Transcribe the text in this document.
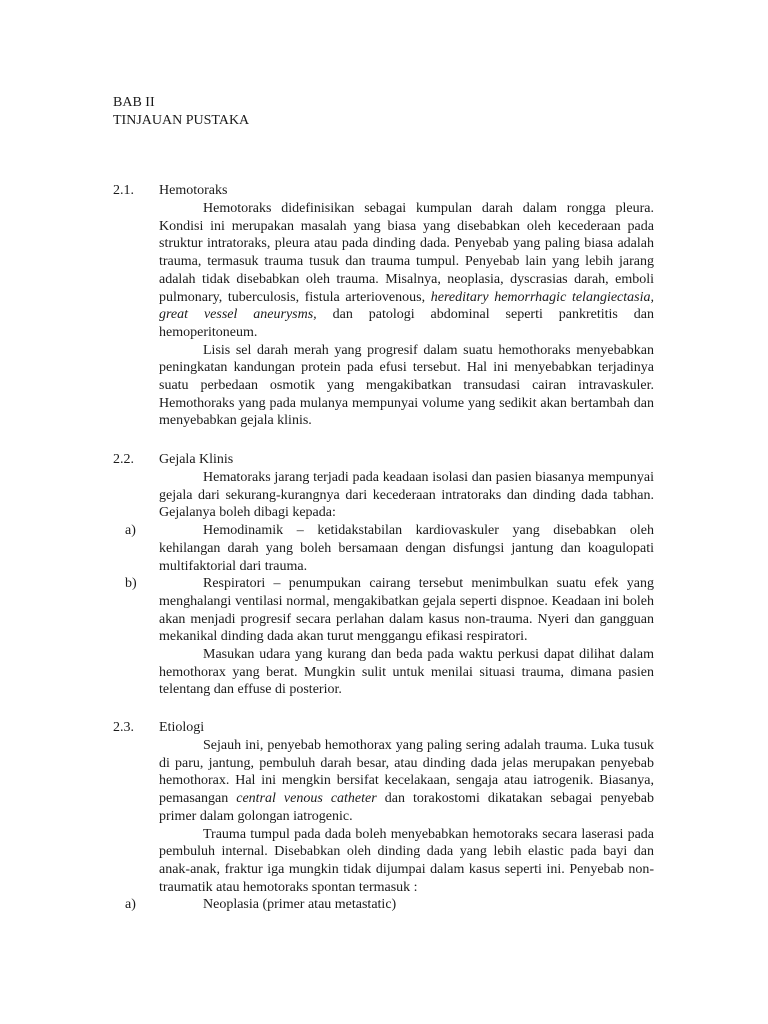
BAB II
TINJAUAN PUSTAKA
2.1. Hemotoraks

Hemotoraks didefinisikan sebagai kumpulan darah dalam rongga pleura. Kondisi ini merupakan masalah yang biasa yang disebabkan oleh kecederaan pada struktur intratoraks, pleura atau pada dinding dada. Penyebab yang paling biasa adalah trauma, termasuk trauma tusuk dan trauma tumpul. Penyebab lain yang lebih jarang adalah tidak disebabkan oleh trauma. Misalnya, neoplasia, dyscrasias darah, emboli pulmonary, tuberculosis, fistula arteriovenous, hereditary hemorrhagic telangiectasia, great vessel aneurysms, dan patologi abdominal seperti pankretitis dan hemoperitoneum.

Lisis sel darah merah yang progresif dalam suatu hemothoraks menyebabkan peningkatan kandungan protein pada efusi tersebut. Hal ini menyebabkan terjadinya suatu perbedaan osmotik yang mengakibatkan transudasi cairan intravaskuler. Hemothoraks yang pada mulanya mempunyai volume yang sedikit akan bertambah dan menyebabkan gejala klinis.

2.2. Gejala Klinis

Hematoraks jarang terjadi pada keadaan isolasi dan pasien biasanya mempunyai gejala dari sekurang-kurangnya dari kecederaan intratoraks dan dinding dada tabhan. Gejalanya boleh dibagi kepada:

a)	Hemodinamik – ketidakstabilan kardiovaskuler yang disebabkan oleh kehilangan darah yang boleh bersamaan dengan disfungsi jantung dan koagulopati multifaktorial dari trauma.

b)	Respiratori – penumpukan cairang tersebut menimbulkan suatu efek yang menghalangi ventilasi normal, mengakibatkan gejala seperti dispnoe. Keadaan ini boleh akan menjadi progresif secara perlahan dalam kasus non-trauma. Nyeri dan gangguan mekanikal dinding dada akan turut menggangu efikasi respiratori.

Masukan udara yang kurang dan beda pada waktu perkusi dapat dilihat dalam hemothorax yang berat. Mungkin sulit untuk menilai situasi trauma, dimana pasien telentang dan effuse di posterior.

2.3. Etiologi

Sejauh ini, penyebab hemothorax yang paling sering adalah trauma. Luka tusuk di paru, jantung, pembuluh darah besar, atau dinding dada jelas merupakan penyebab hemothorax. Hal ini mengkin bersifat kecelakaan, sengaja atau iatrogenik. Biasanya, pemasangan central venous catheter dan torakostomi dikatakan sebagai penyebab primer dalam golongan iatrogenic.

Trauma tumpul pada dada boleh menyebabkan hemotoraks secara laserasi pada pembuluh internal. Disebabkan oleh dinding dada yang lebih elastic pada bayi dan anak-anak, fraktur iga mungkin tidak dijumpai dalam kasus seperti ini. Penyebab non-traumatik atau hemotoraks spontan termasuk :

a)	Neoplasia (primer atau metastatic)
